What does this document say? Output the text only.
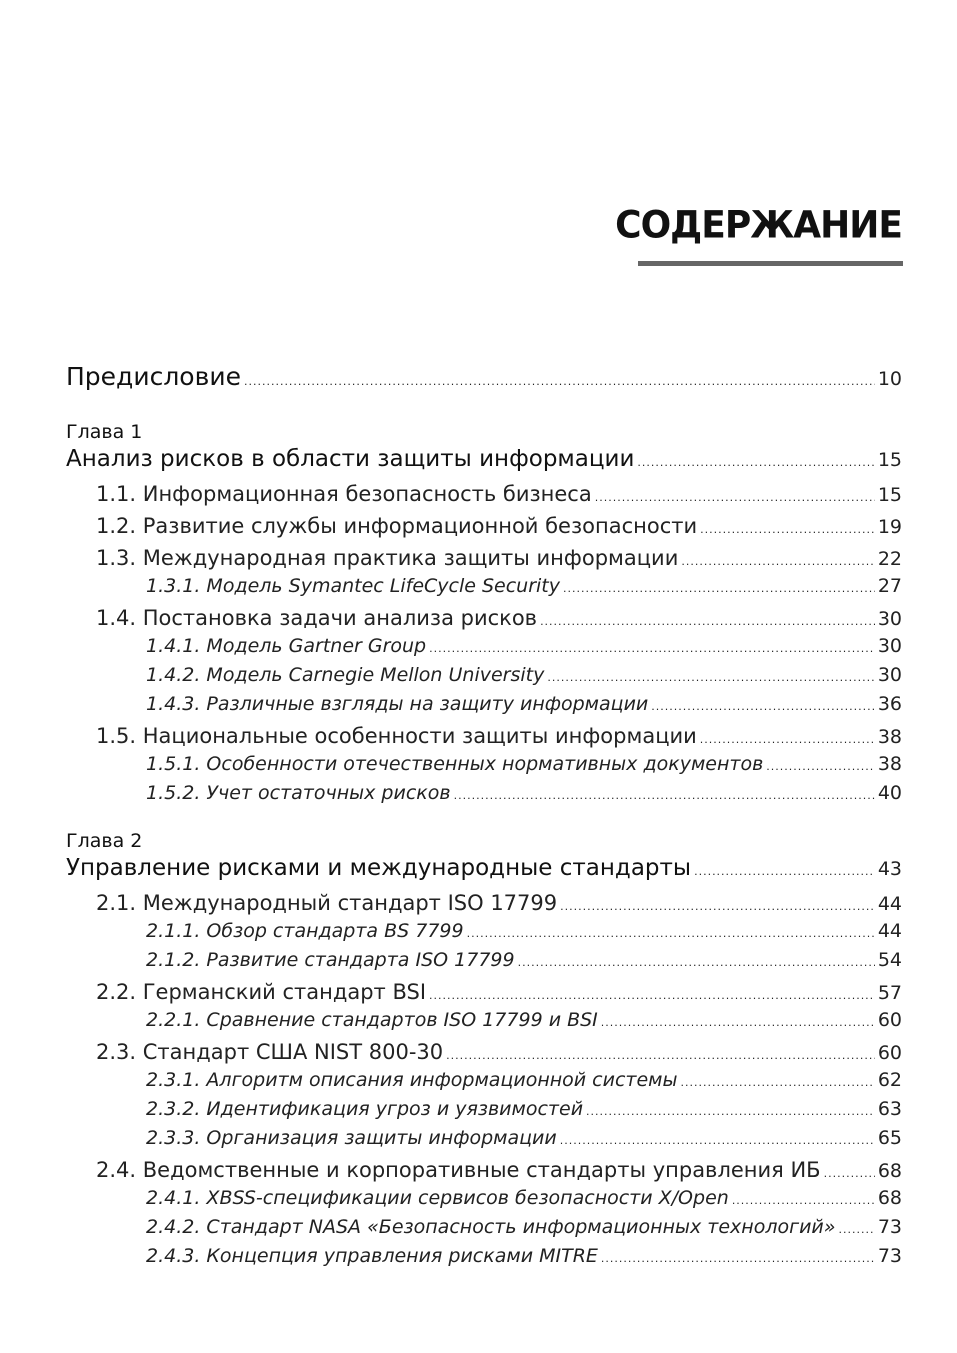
СОДЕРЖАНИЕ
Предисловие .....	10
Глава 1
Анализ рисков в области защиты информации .....	15
1.1. Информационная безопасность бизнеса .....	15
1.2. Развитие службы информационной безопасности .....	19
1.3. Международная практика защиты информации .....	22
1.3.1. Модель Symantec LifeCycle Security .....	27
1.4. Постановка задачи анализа рисков .....	30
1.4.1. Модель Gartner Group .....	30
1.4.2. Модель Carnegie Mellon University .....	30
1.4.3. Различные взгляды на защиту информации .....	36
1.5. Национальные особенности защиты информации .....	38
1.5.1. Особенности отечественных нормативных документов .....	38
1.5.2. Учет остаточных рисков .....	40
Глава 2
Управление рисками и международные стандарты .....	43
2.1. Международный стандарт ISO 17799 .....	44
2.1.1. Обзор стандарта BS 7799 .....	44
2.1.2. Развитие стандарта ISO 17799 .....	54
2.2. Германский стандарт BSI .....	57
2.2.1. Сравнение стандартов ISO 17799 и BSI .....	60
2.3. Стандарт США NIST 800-30 .....	60
2.3.1. Алгоритм описания информационной системы .....	62
2.3.2. Идентификация угроз и уязвимостей .....	63
2.3.3. Организация защиты информации .....	65
2.4. Ведомственные и корпоративные стандарты управления ИБ .....	68
2.4.1. XBSS-спецификации сервисов безопасности X/Open .....	68
2.4.2. Стандарт NASA «Безопасность информационных технологий» ..... 73
2.4.3. Концепция управления рисками MITRE .....	73
